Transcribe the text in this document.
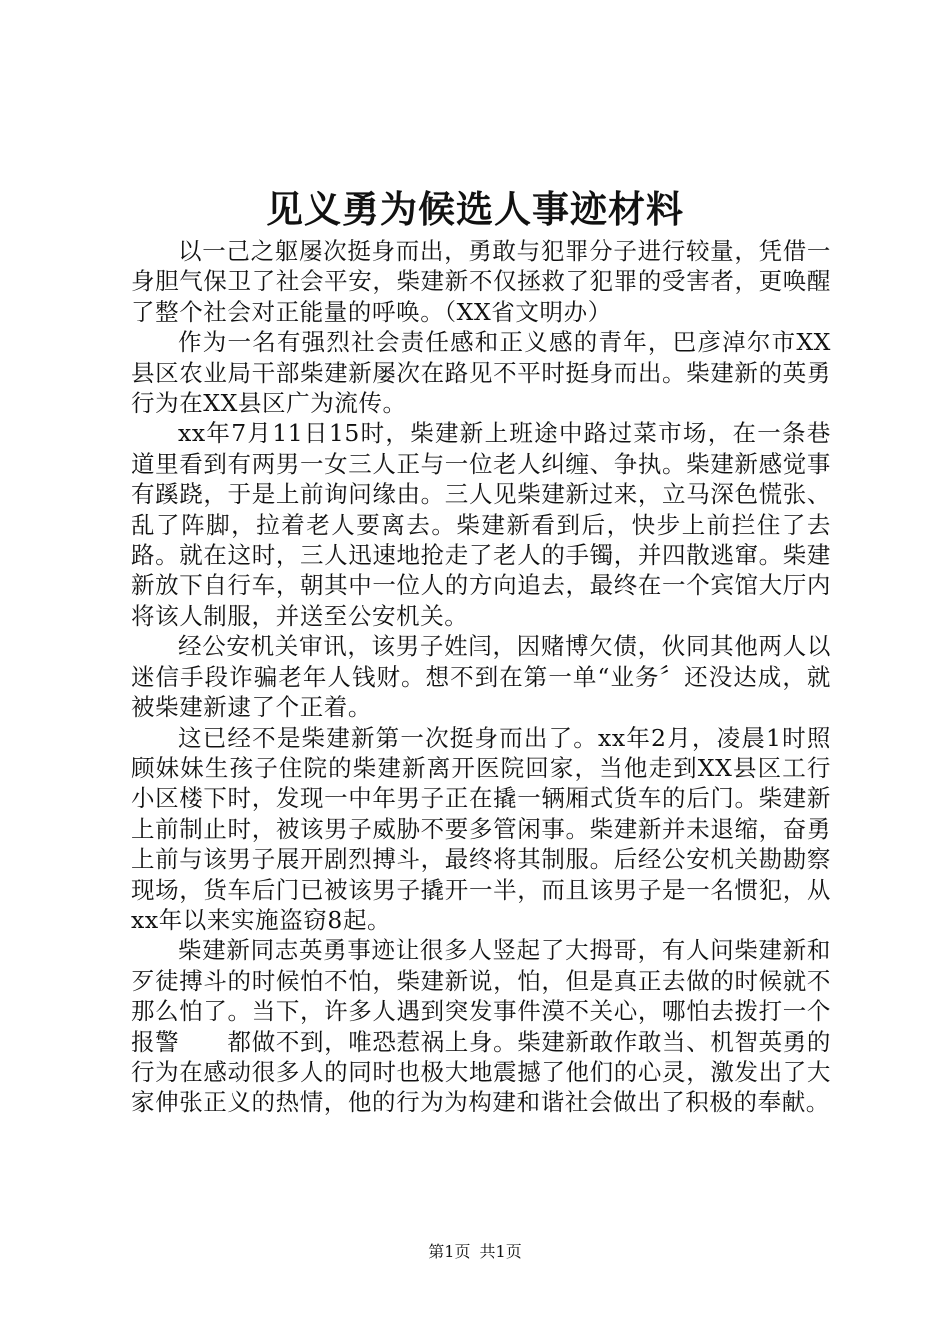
见义勇为候选人事迹材料

以一己之躯屡次挺身而出，勇敢与犯罪分子进行较量，凭借一身胆气保卫了社会平安，柴建新不仅拯救了犯罪的受害者，更唤醒了整个社会对正能量的呼唤。（XX省文明办）

作为一名有强烈社会责任感和正义感的青年，巴彦淖尔市XX县区农业局干部柴建新屡次在路见不平时挺身而出。柴建新的英勇行为在XX县区广为流传。

xx年7月11日15时，柴建新上班途中路过菜市场，在一条巷道里看到有两男一女三人正与一位老人纠缠、争执。柴建新感觉事有蹊跷，于是上前询问缘由。三人见柴建新过来，立马深色慌张、乱了阵脚，拉着老人要离去。柴建新看到后，快步上前拦住了去路。就在这时，三人迅速地抢走了老人的手镯，并四散逃窜。柴建新放下自行车，朝其中一位人的方向追去，最终在一个宾馆大厅内将该人制服，并送至公安机关。

经公安机关审讯，该男子姓闫，因赌博欠债，伙同其他两人以迷信手段诈骗老年人钱财。想不到在第一单“业务〞还没达成，就被柴建新逮了个正着。

这已经不是柴建新第一次挺身而出了。xx年2月，凌晨1时照顾妹妹生孩子住院的柴建新离开医院回家，当他走到XX县区工行小区楼下时，发现一中年男子正在撬一辆厢式货车的后门。柴建新上前制止时，被该男子威胁不要多管闲事。柴建新并未退缩，奋勇上前与该男子展开剧烈搏斗，最终将其制服。后经公安机关勘勘察现场，货车后门已被该男子撬开一半，而且该男子是一名惯犯，从xx年以来实施盗窃8起。

柴建新同志英勇事迹让很多人竖起了大拇哥，有人问柴建新和歹徒搏斗的时候怕不怕，柴建新说，怕，但是真正去做的时候就不那么怕了。当下，许多人遇到突发事件漠不关心，哪怕去拨打一个报警　　都做不到，唯恐惹祸上身。柴建新敢作敢当、机智英勇的行为在感动很多人的同时也极大地震撼了他们的心灵，激发出了大家伸张正义的热情，他的行为为构建和谐社会做出了积极的奉献。

第1页 共1页
